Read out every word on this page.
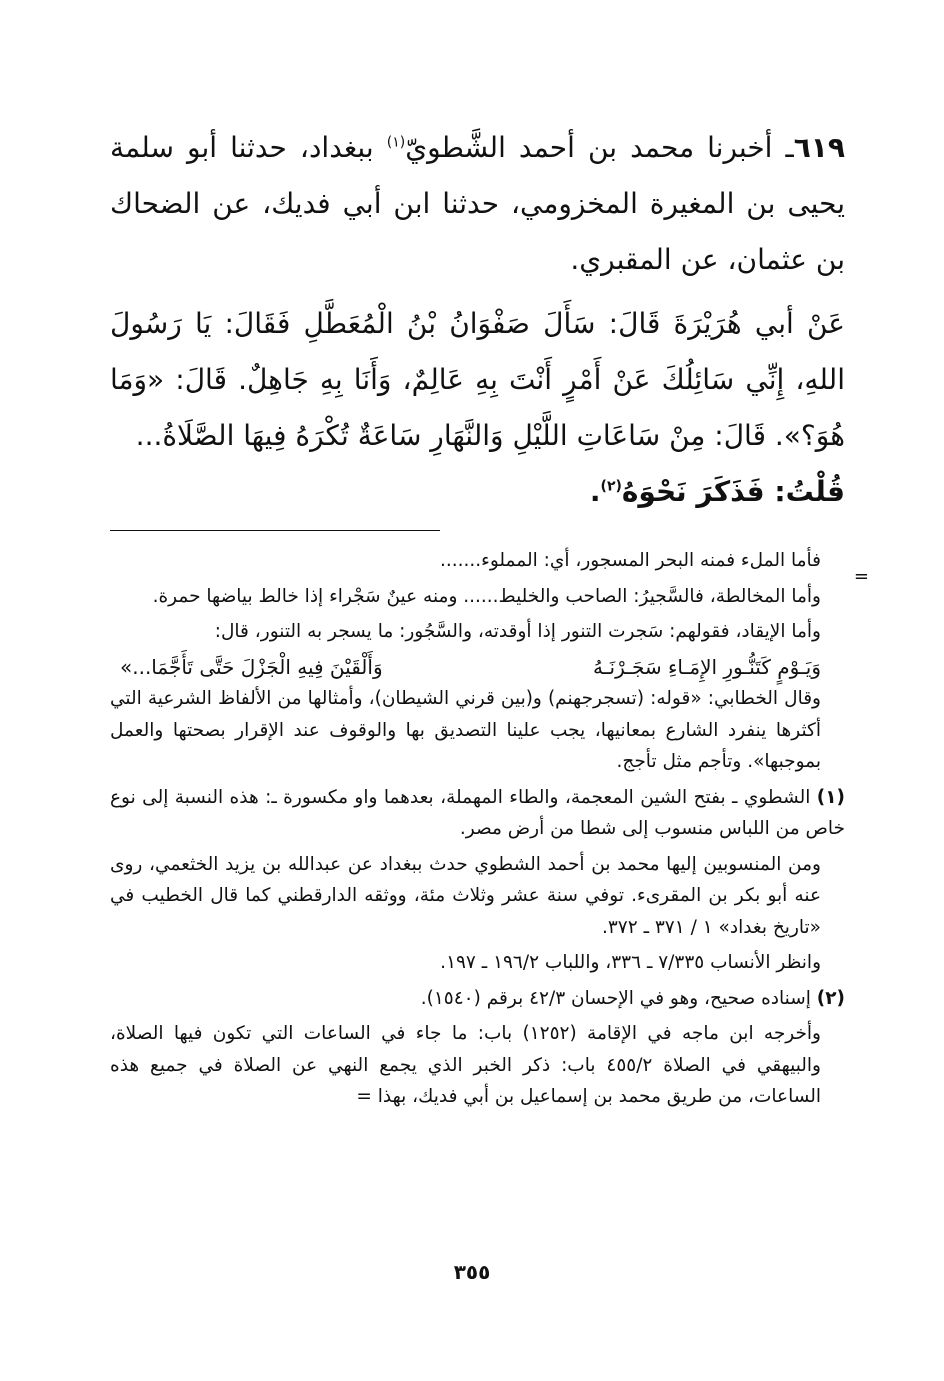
٦١٩ـ أخبرنا محمد بن أحمد الشَّطويّ$^{(١)}$ ببغداد، حدثنا أبو سلمة يحيى بن المغيرة المخزومي، حدثنا ابن أبي فديك، عن الضحاك بن عثمان، عن المقبري.

عَنْ أبي هُرَيْرَةَ قَالَ: سَأَلَ صَفْوَانُ بْنُ الْمُعَطَّلِ فَقَالَ: يَا رَسُولَ اللهِ، إِنِّي سَائِلُكَ عَنْ أَمْرٍ أَنْتَ بِهِ عَالِمٌ، وَأَنَا بِهِ جَاهِلٌ. قَالَ: «وَمَا هُوَ؟». قَالَ: مِنْ سَاعَاتِ اللَّيْلِ وَالنَّهَارِ سَاعَةٌ تُكْرَهُ فِيهَا الصَّلَاةُ...

قُلْتُ: فَذَكَرَ نَحْوَهُ$^{(٢)}$.

=

فأما الملء فمنه البحر المسجور، أي: المملوء.......

وأما المخالطة، فالسَّجيرُ: الصاحب والخليط...... ومنه عينٌ سَجْراء إذا خالط بياضها حمرة.

وأما الإيقاد، فقولهم: سَجرت التنور إذا أوقدته، والسَّجُور: ما يسجر به التنور، قال:

وَيَـوْمٍ كَتَنُّـورِ الإِمَـاءِ سَجَـرْنَـهُ
وَأَلْقَيْنَ فِيهِ الْجَزْلَ حَتَّى تَأَجَّمَا...»

وقال الخطابي: «قوله: (تسجرجهنم) و(بين قرني الشيطان)، وأمثالها من الألفاظ الشرعية التي أكثرها ينفرد الشارع بمعانيها، يجب علينا التصديق بها والوقوف عند الإقرار بصحتها والعمل بموجبها». وتأجم مثل تأجج.

(١) الشطوي ـ بفتح الشين المعجمة، والطاء المهملة، بعدهما واو مكسورة ـ: هذه النسبة إلى نوع خاص من اللباس منسوب إلى شطا من أرض مصر.

ومن المنسوبين إليها محمد بن أحمد الشطوي حدث ببغداد عن عبدالله بن يزيد الخثعمي، روى عنه أبو بكر بن المقرىء. توفي سنة عشر وثلاث مئة، ووثقه الدارقطني كما قال الخطيب في «تاريخ بغداد» ١ / ٣٧١ ـ ٣٧٢.

وانظر الأنساب ٧/٣٣٥ ـ ٣٣٦، واللباب ١٩٦/٢ ـ ١٩٧.

(٢) إسناده صحيح، وهو في الإحسان ٤٢/٣ برقم (١٥٤٠).

وأخرجه ابن ماجه في الإقامة (١٢٥٢) باب: ما جاء في الساعات التي تكون فيها الصلاة، والبيهقي في الصلاة ٤٥٥/٢ باب: ذكر الخبر الذي يجمع النهي عن الصلاة في جميع هذه الساعات، من طريق محمد بن إسماعيل بن أبي فديك، بهذا =

٣٥٥
